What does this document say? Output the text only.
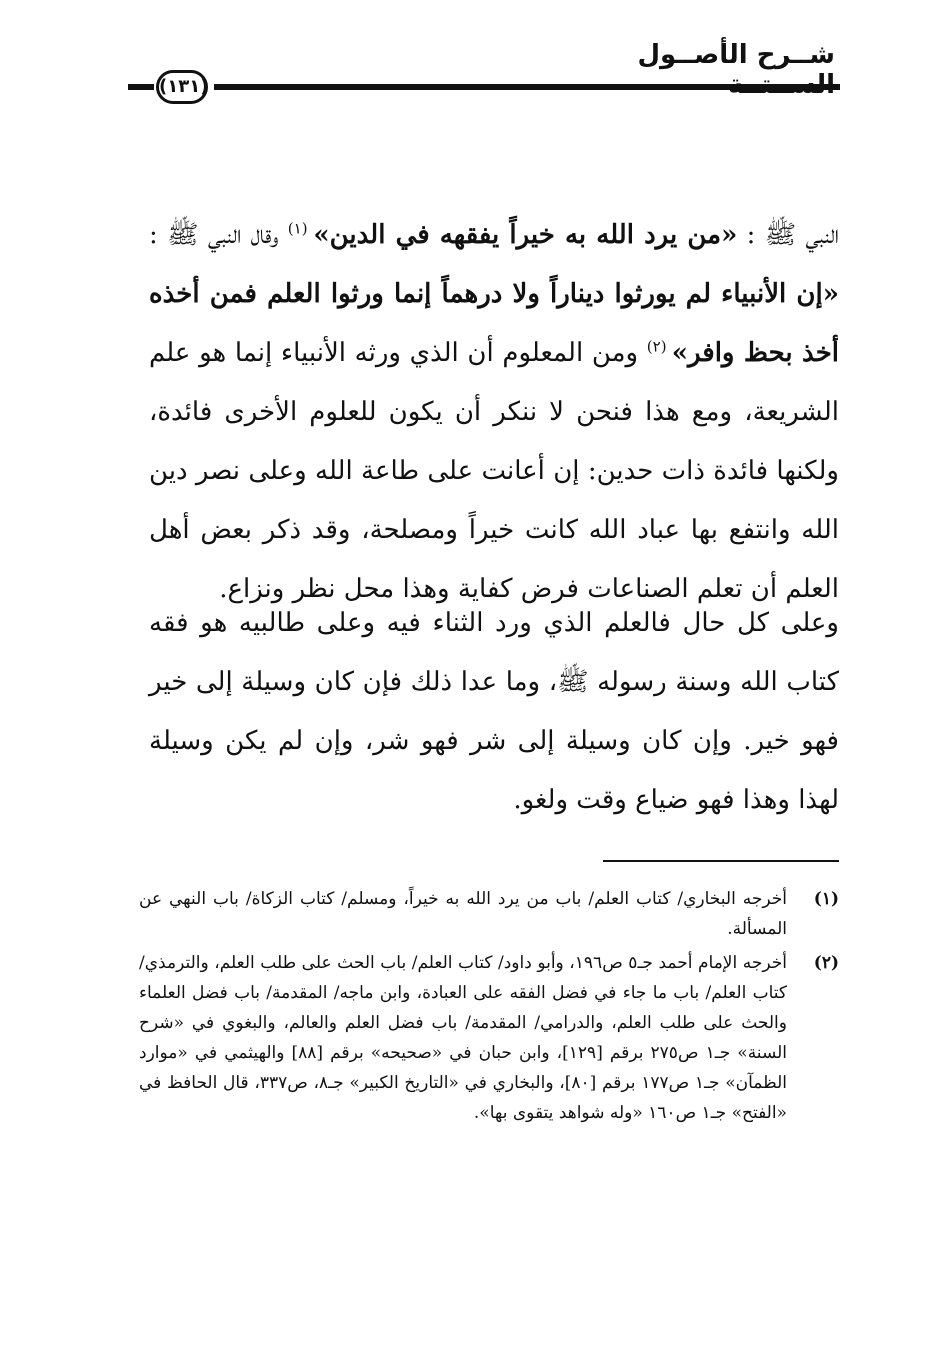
شــرح الأصــول
(١٣١)
النبي ﷺ : «من يرد الله به خيراً يفقهه في الدين» $^{(١)}$ وقال النبي ﷺ : «إن الأنبياء لم يورثوا ديناراً ولا درهماً إنما ورثوا العلم فمن أخذه أخذ بحظ وافر» $^{(٢)}$ ومن المعلوم أن الذي ورثه الأنبياء إنما هو علم الشريعة، ومع هذا فنحن لا ننكر أن يكون للعلوم الأخرى فائدة، ولكنها فائدة ذات حدين: إن أعانت على طاعة الله وعلى نصر دين الله وانتفع بها عباد الله كانت خيراً ومصلحة، وقد ذكر بعض أهل العلم أن تعلم الصناعات فرض كفاية وهذا محل نظر ونزاع.
وعلى كل حال فالعلم الذي ورد الثناء فيه وعلى طالبيه هو فقه كتاب الله وسنة رسوله ﷺ، وما عدا ذلك فإن كان وسيلة إلى خير فهو خير. وإن كان وسيلة إلى شر فهو شر، وإن لم يكن وسيلة لهذا وهذا فهو ضياع وقت ولغو.
(١)
أخرجه البخاري/ كتاب العلم/ باب من يرد الله به خيراً، ومسلم/ كتاب الزكاة/ باب النهي عن المسألة.
(٢)
أخرجه الإمام أحمد جـ٥ ص١٩٦، وأبو داود/ كتاب العلم/ باب الحث على طلب العلم، والترمذي/ كتاب العلم/ باب ما جاء في فضل الفقه على العبادة، وابن ماجه/ المقدمة/ باب فضل العلماء والحث على طلب العلم، والدرامي/ المقدمة/ باب فضل العلم والعالم، والبغوي في «شرح السنة» جـ١ ص٢٧٥ برقم [١٢٩]، وابن حبان في «صحيحه» برقم [٨٨] والهيثمي في «موارد الظمآن» جـ١ ص١٧٧ برقم [٨٠]، والبخاري في «التاريخ الكبير» جـ٨، ص٣٣٧، قال الحافظ في «الفتح» جـ١ ص١٦٠ «وله شواهد يتقوى بها».
